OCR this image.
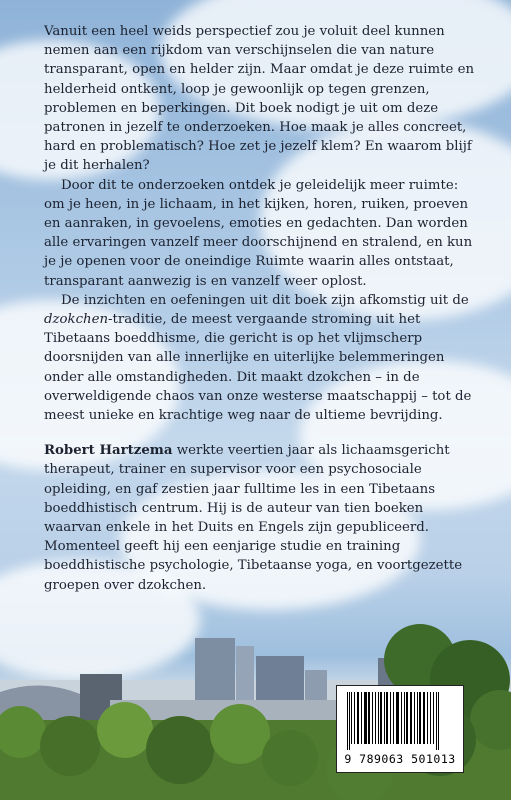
Vanuit een heel weids perspectief zou je voluit deel kunnen nemen aan een rijkdom van verschijnselen die van nature transparant, open en helder zijn. Maar omdat je deze ruimte en helderheid ontkent, loop je gewoonlijk op tegen grenzen, problemen en beperkingen. Dit boek nodigt je uit om deze patronen in jezelf te onderzoeken. Hoe maak je alles concreet, hard en problematisch? Hoe zet je jezelf klem? En waarom blijf je dit herhalen?

Door dit te onderzoeken ontdek je geleidelijk meer ruimte: om je heen, in je lichaam, in het kijken, horen, ruiken, proeven en aanraken, in gevoelens, emoties en gedachten. Dan worden alle ervaringen vanzelf meer doorschijnend en stralend, en kun je je openen voor de oneindige Ruimte waarin alles ontstaat, transparant aanwezig is en vanzelf weer oplost.

De inzichten en oefeningen uit dit boek zijn afkomstig uit de dzokchen-traditie, de meest vergaande stroming uit het Tibetaans boeddhisme, die gericht is op het vlijmscherp doorsnijden van alle innerlijke en uiterlijke belemmeringen onder alle omstandigheden. Dit maakt dzokchen – in de overweldigende chaos van onze westerse maatschappij – tot de meest unieke en krachtige weg naar de ultieme bevrijding.

Robert Hartzema werkte veertien jaar als lichaamsgericht therapeut, trainer en supervisor voor een psychosociale opleiding, en gaf zestien jaar fulltime les in een Tibetaans boeddhistisch centrum. Hij is de auteur van tien boeken waarvan enkele in het Duits en Engels zijn gepubliceerd. Momenteel geeft hij een eenjarige studie en training boeddhistische psychologie, Tibetaanse yoga, en voortgezette groepen over dzokchen.

9 789063 501013
